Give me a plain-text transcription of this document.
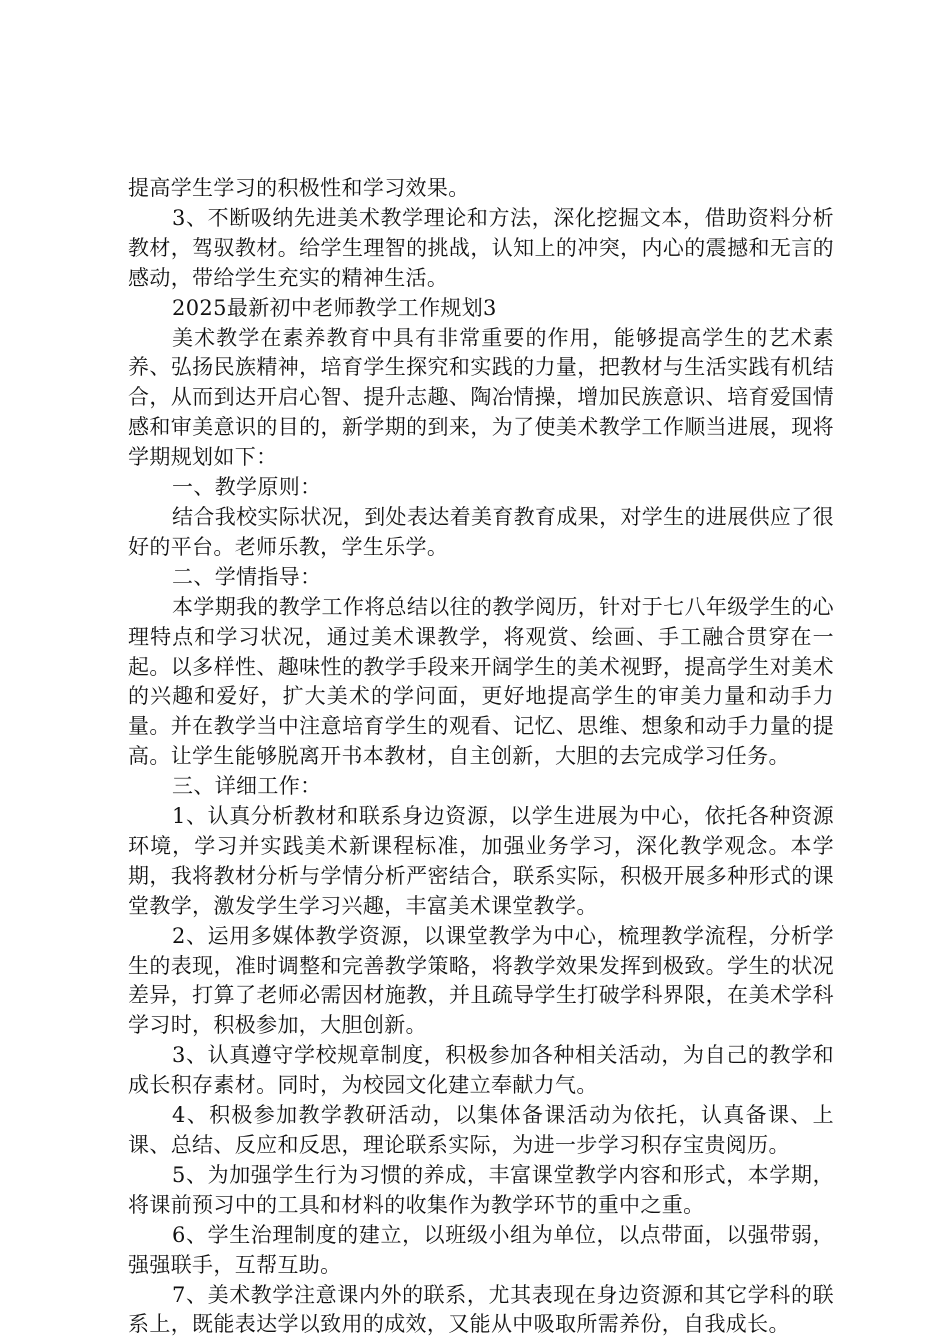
提高学生学习的积极性和学习效果。

3、不断吸纳先进美术教学理论和方法，深化挖掘文本，借助资料分析教材，驾驭教材。给学生理智的挑战，认知上的冲突，内心的震撼和无言的感动，带给学生充实的精神生活。

2025最新初中老师教学工作规划3

美术教学在素养教育中具有非常重要的作用，能够提高学生的艺术素养、弘扬民族精神，培育学生探究和实践的力量，把教材与生活实践有机结合，从而到达开启心智、提升志趣、陶冶情操，增加民族意识、培育爱国情感和审美意识的目的，新学期的到来，为了使美术教学工作顺当进展，现将学期规划如下：

一、教学原则：

结合我校实际状况，到处表达着美育教育成果，对学生的进展供应了很好的平台。老师乐教，学生乐学。

二、学情指导：

本学期我的教学工作将总结以往的教学阅历，针对于七八年级学生的心理特点和学习状况，通过美术课教学，将观赏、绘画、手工融合贯穿在一起。以多样性、趣味性的教学手段来开阔学生的美术视野，提高学生对美术的兴趣和爱好，扩大美术的学问面，更好地提高学生的审美力量和动手力量。并在教学当中注意培育学生的观看、记忆、思维、想象和动手力量的提高。让学生能够脱离开书本教材，自主创新，大胆的去完成学习任务。

三、详细工作：

1、认真分析教材和联系身边资源，以学生进展为中心，依托各种资源环境，学习并实践美术新课程标准，加强业务学习，深化教学观念。本学期，我将教材分析与学情分析严密结合，联系实际，积极开展多种形式的课堂教学，激发学生学习兴趣，丰富美术课堂教学。

2、运用多媒体教学资源，以课堂教学为中心，梳理教学流程，分析学生的表现，准时调整和完善教学策略，将教学效果发挥到极致。学生的状况差异，打算了老师必需因材施教，并且疏导学生打破学科界限，在美术学科学习时，积极参加，大胆创新。

3、认真遵守学校规章制度，积极参加各种相关活动，为自己的教学和成长积存素材。同时，为校园文化建立奉献力气。

4、积极参加教学教研活动，以集体备课活动为依托，认真备课、上课、总结、反应和反思，理论联系实际，为进一步学习积存宝贵阅历。

5、为加强学生行为习惯的养成，丰富课堂教学内容和形式，本学期，将课前预习中的工具和材料的收集作为教学环节的重中之重。

6、学生治理制度的建立，以班级小组为单位，以点带面，以强带弱，强强联手，互帮互助。

7、美术教学注意课内外的联系，尤其表现在身边资源和其它学科的联系上，既能表达学以致用的成效，又能从中吸取所需养份，自我成长。
